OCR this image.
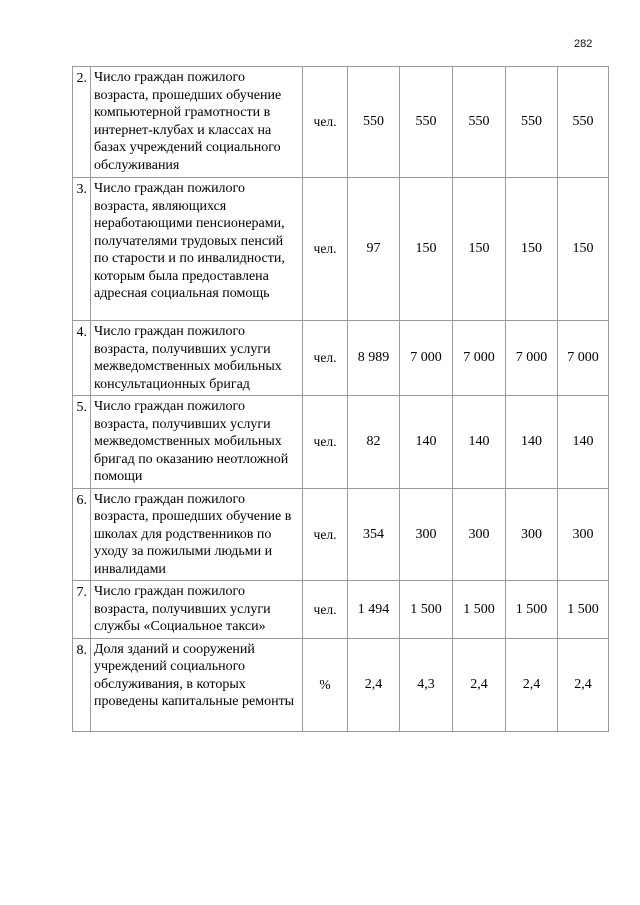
282
2.	Число граждан пожилого возраста, прошедших обучение компьютерной грамотности в интернет-клубах и классах на базах учреждений социального обслуживания	чел.	550	550	550	550	550
3.	Число граждан пожилого возраста, являющихся неработающими пенсионерами, получателями трудовых пенсий по старости и по инвалидности, которым была предоставлена адресная социальная помощь	чел.	97	150	150	150	150
4.	Число граждан пожилого возраста, получивших услуги межведомственных мобильных консультационных бригад	чел.	8 989	7 000	7 000	7 000	7 000
5.	Число граждан пожилого возраста, получивших услуги межведомственных мобильных бригад по оказанию неотложной помощи	чел.	82	140	140	140	140
6.	Число граждан пожилого возраста, прошедших обучение в школах для родственников по уходу за пожилыми людьми и инвалидами	чел.	354	300	300	300	300
7.	Число граждан пожилого возраста, получивших услуги службы «Социальное такси»	чел.	1 494	1 500	1 500	1 500	1 500
8.	Доля зданий и сооружений учреждений социального обслуживания, в которых проведены капитальные ремонты	%	2,4	4,3	2,4	2,4	2,4
